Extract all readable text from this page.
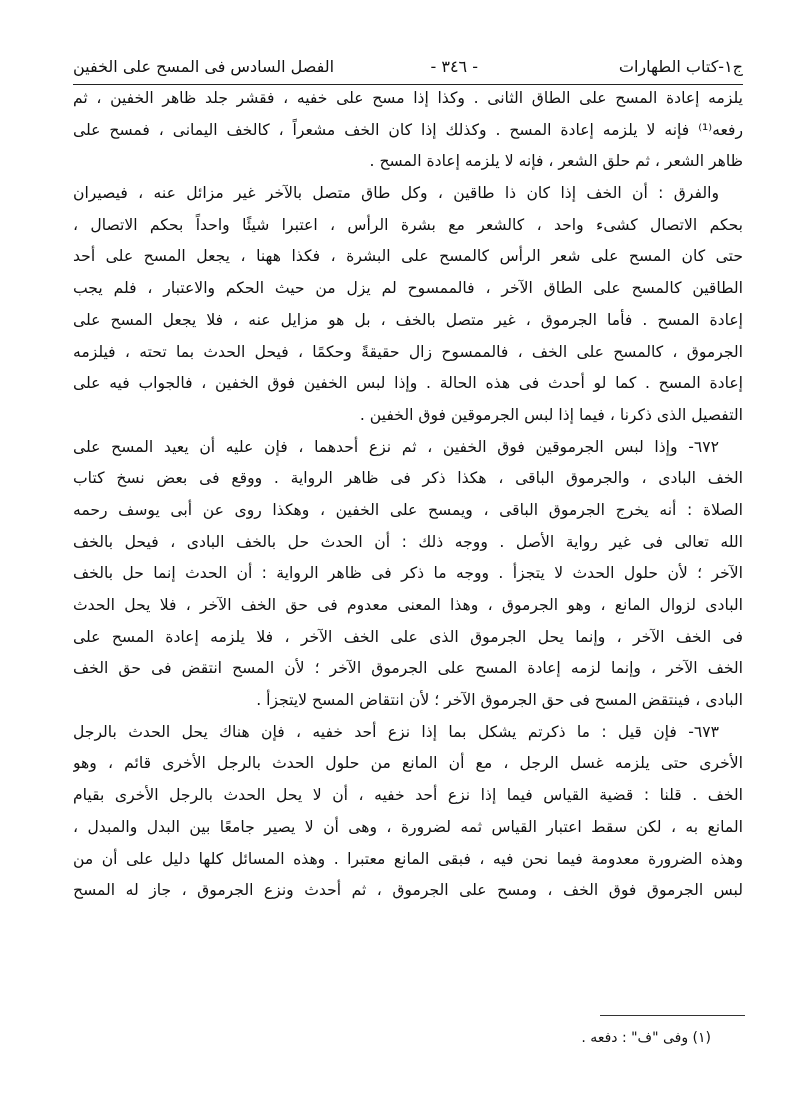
ج١-كتاب الطهارات
- ٣٤٦ -
الفصل السادس فى المسح على الخفين
يلزمه إعادة المسح على الطاق الثانى . وكذا إذا مسح على خفيه ، فقشر جلد ظاهر الخفين ، ثم
رفعه⁽¹⁾ فإنه لا يلزمه إعادة المسح . وكذلك إذا كان الخف مشعراً ، كالخف اليمانى ، فمسح على
ظاهر الشعر ، ثم حلق الشعر ، فإنه لا يلزمه إعادة المسح .
والفرق : أن الخف إذا كان ذا طاقين ، وكل طاق متصل بالآخر غير مزائل عنه ، فيصيران
بحكم الاتصال كشىء واحد ، كالشعر مع بشرة الرأس ، اعتبرا شيئًا واحداً بحكم الاتصال ،
حتى كان المسح على شعر الرأس كالمسح على البشرة ، فكذا ههنا ، يجعل المسح على أحد
الطاقين كالمسح على الطاق الآخر ، فالممسوح لم يزل من حيث الحكم والاعتبار ، فلم يجب
إعادة المسح . فأما الجرموق ، غير متصل بالخف ، بل هو مزايل عنه ، فلا يجعل المسح على
الجرموق ، كالمسح على الخف ، فالممسوح زال حقيقةً وحكمًا ، فيحل الحدث بما تحته ، فيلزمه
إعادة المسح . كما لو أحدث فى هذه الحالة . وإذا لبس الخفين فوق الخفين ، فالجواب فيه على
التفصيل الذى ذكرنا ، فيما إذا لبس الجرموقين فوق الخفين .
٦٧٢- وإذا لبس الجرموقين فوق الخفين ، ثم نزع أحدهما ، فإن عليه أن يعيد المسح على
الخف البادى ، والجرموق الباقى ، هكذا ذكر فى ظاهر الرواية . ووقع فى بعض نسخ كتاب
الصلاة : أنه يخرج الجرموق الباقى ، ويمسح على الخفين ، وهكذا روى عن أبى يوسف رحمه
الله تعالى فى غير رواية الأصل . ووجه ذلك : أن الحدث حل بالخف البادى ، فيحل بالخف
الآخر ؛ لأن حلول الحدث لا يتجزأ . ووجه ما ذكر فى ظاهر الرواية : أن الحدث إنما حل بالخف
البادى لزوال المانع ، وهو الجرموق ، وهذا المعنى معدوم فى حق الخف الآخر ، فلا يحل الحدث
فى الخف الآخر ، وإنما يحل الجرموق الذى على الخف الآخر ، فلا يلزمه إعادة المسح على
الخف الآخر ، وإنما لزمه إعادة المسح على الجرموق الآخر ؛ لأن المسح انتقض فى حق الخف
البادى ، فينتقض المسح فى حق الجرموق الآخر ؛ لأن انتقاض المسح لايتجزأ .
٦٧٣- فإن قيل : ما ذكرتم يشكل بما إذا نزع أحد خفيه ، فإن هناك يحل الحدث بالرجل
الأخرى حتى يلزمه غسل الرجل ، مع أن المانع من حلول الحدث بالرجل الأخرى قائم ، وهو
الخف . قلنا : قضية القياس فيما إذا نزع أحد خفيه ، أن لا يحل الحدث بالرجل الأخرى بقيام
المانع به ، لكن سقط اعتبار القياس ثمه لضرورة ، وهى أن لا يصير جامعًا بين البدل والمبدل ،
وهذه الضرورة معدومة فيما نحن فيه ، فبقى المانع معتبرا . وهذه المسائل كلها دليل على أن من
لبس الجرموق فوق الخف ، ومسح على الجرموق ، ثم أحدث ونزع الجرموق ، جاز له المسح
(١) وفى "ف" : دفعه .
